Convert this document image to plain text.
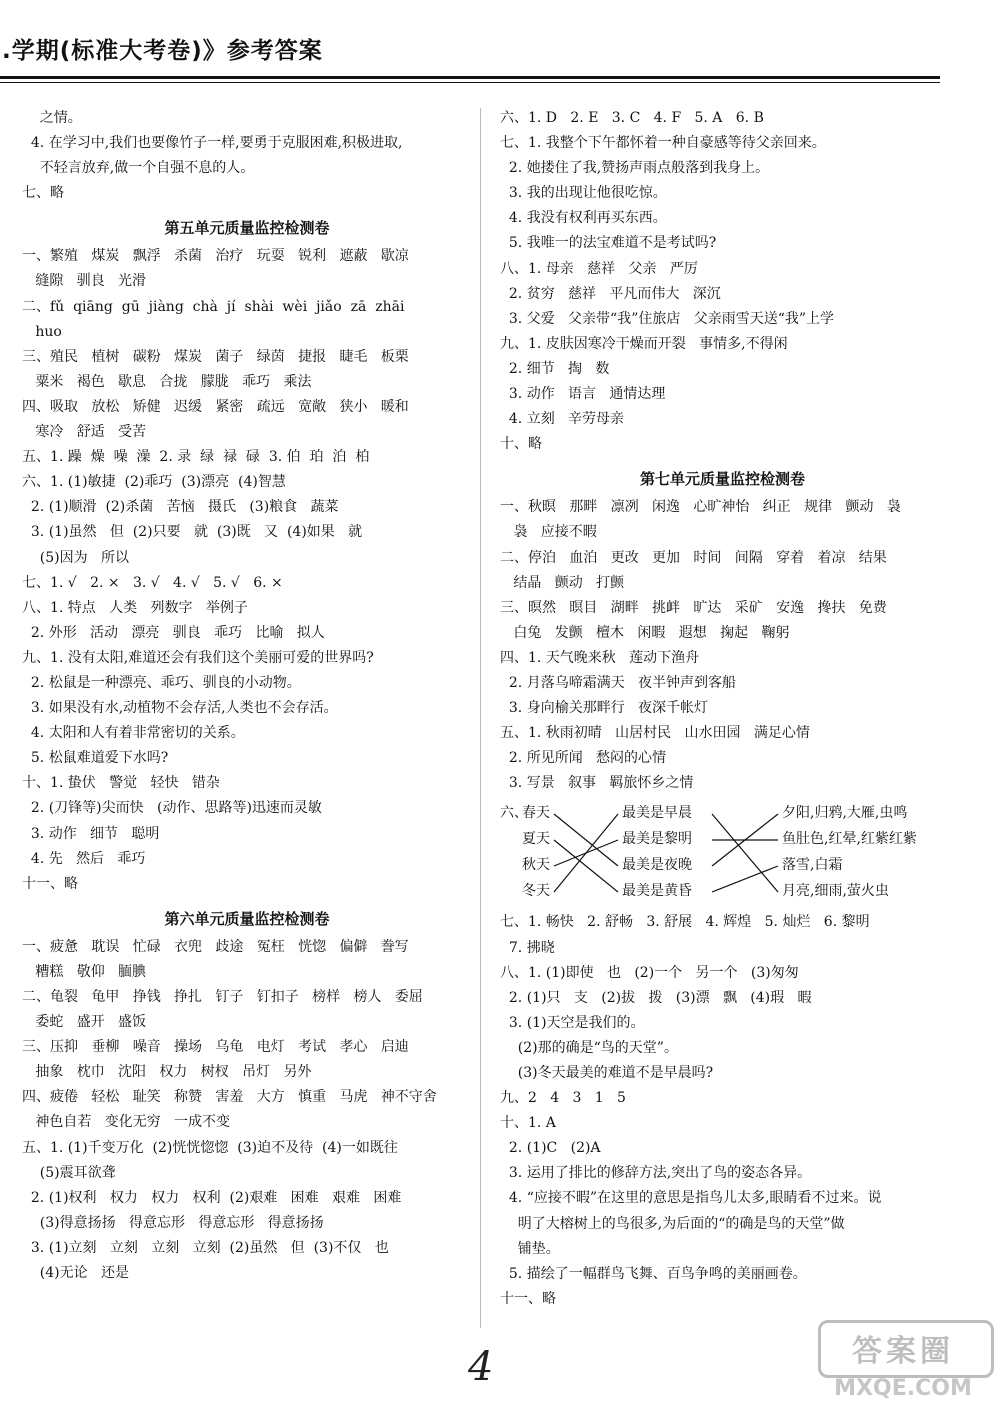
.学期(标准大考卷)》参考答案
之情。
4. 在学习中,我们也要像竹子一样,要勇于克服困难,积极进取,
不轻言放弃,做一个自强不息的人。
七、略
第五单元质量监控检测卷
一、繁殖   煤炭   飘浮   杀菌   治疗   玩耍   锐利   遮蔽   歇凉
缝隙   驯良   光滑
二、fǔ  qiāng  gū  jiàng  chà  jí  shài  wèi  jiǎo  zā  zhāi
huo
三、殖民   植树   碳粉   煤炭   菌子   绿茵   捷报   睫毛   板栗
粟米   褐色   歇息   合拢   朦胧   乖巧   乘法
四、吸取   放松   矫健   迟缓   紧密   疏远   宽敞   狭小   暖和
寒冷   舒适   受苦
五、1. 躁  燥  噪  澡  2. 录  绿  禄  碌  3. 伯  珀  泊  柏
六、1. (1)敏捷  (2)乖巧  (3)漂亮  (4)智慧
2. (1)顺滑  (2)杀菌   苦恼   摄氏   (3)粮食   蔬菜
3. (1)虽然   但  (2)只要   就  (3)既   又  (4)如果   就
(5)因为   所以
七、1. √   2. ×   3. √   4. √   5. √   6. ×
八、1. 特点   人类   列数字   举例子
2. 外形   活动   漂亮   驯良   乖巧   比喻   拟人
九、1. 没有太阳,难道还会有我们这个美丽可爱的世界吗?
2. 松鼠是一种漂亮、乖巧、驯良的小动物。
3. 如果没有水,动植物不会存活,人类也不会存活。
4. 太阳和人有着非常密切的关系。
5. 松鼠难道爱下水吗?
十、1. 蛰伏   警觉   轻快   错杂
2. (刀锋等)尖而快   (动作、思路等)迅速而灵敏
3. 动作   细节   聪明
4. 先   然后   乖巧
十一、略
第六单元质量监控检测卷
一、疲惫   耽误   忙碌   衣兜   歧途   冤枉   恍惚   偏僻   誊写
糟糕   敬仰   腼腆
二、龟裂   龟甲   挣钱   挣扎   钉子   钉扣子   榜样   榜人   委屈
委蛇   盛开   盛饭
三、压抑   垂柳   噪音   操场   乌龟   电灯   考试   孝心   启迪
抽象   枕巾   沈阳   权力   树杈   吊灯   另外
四、疲倦   轻松   耻笑   称赞   害羞   大方   慎重   马虎   神不守舍
神色自若   变化无穷   一成不变
五、1. (1)千变万化  (2)恍恍惚惚  (3)迫不及待  (4)一如既往
(5)震耳欲聋
2. (1)权利   权力   权力   权利  (2)艰难   困难   艰难   困难
(3)得意扬扬   得意忘形   得意忘形   得意扬扬
3. (1)立刻   立刻   立刻   立刻  (2)虽然   但  (3)不仅   也
(4)无论   还是
六、1. D   2. E   3. C   4. F   5. A   6. B
七、1. 我整个下午都怀着一种自豪感等待父亲回来。
2. 她搂住了我,赞扬声雨点般落到我身上。
3. 我的出现让他很吃惊。
4. 我没有权利再买东西。
5. 我唯一的法宝难道不是考试吗?
八、1. 母亲   慈祥   父亲   严厉
2. 贫穷   慈祥   平凡而伟大   深沉
3. 父爱   父亲带“我”住旅店   父亲雨雪天送“我”上学
九、1. 皮肤因寒冷干燥而开裂   事情多,不得闲
2. 细节   掏   数
3. 动作   语言   通情达理
4. 立刻   辛劳母亲
十、略
第七单元质量监控检测卷
一、秋暝   那畔   凛冽   闲逸   心旷神怡   纠正   规律   颤动   袅
袅   应接不暇
二、停泊   血泊   更改   更加   时间   间隔   穿着   着凉   结果
结晶   颤动   打颤
三、暝然   暝目   湖畔   挑衅   旷达   采矿   安逸   搀扶   免费
白兔   发颤   檀木   闲暇   遐想   掬起   鞠躬
四、1. 天气晚来秋   莲动下渔舟
2. 月落乌啼霜满天   夜半钟声到客船
3. 身向榆关那畔行   夜深千帐灯
五、1. 秋雨初晴   山居村民   山水田园   满足心情
2. 所见所闻   愁闷的心情
3. 写景   叙事   羁旅怀乡之情
六、
春天
夏天
秋天
冬天
最美是早晨
最美是黎明
最美是夜晚
最美是黄昏
夕阳,归鸦,大雁,虫鸣
鱼肚色,红晕,红紫红紫
落雪,白霜
月亮,细雨,萤火虫
七、1. 畅快   2. 舒畅   3. 舒展   4. 辉煌   5. 灿烂   6. 黎明
7. 拂晓
八、1. (1)即使   也   (2)一个   另一个   (3)匆匆
2. (1)只   支   (2)拔   拨   (3)漂   飘   (4)瑕   暇
3. (1)天空是我们的。
(2)那的确是“鸟的天堂”。
(3)冬天最美的难道不是早晨吗?
九、2   4   3   1   5
十、1. A
2. (1)C   (2)A
3. 运用了排比的修辞方法,突出了鸟的姿态各异。
4. “应接不暇”在这里的意思是指鸟儿太多,眼睛看不过来。说
明了大榕树上的鸟很多,为后面的“的确是鸟的天堂”做
铺垫。
5. 描绘了一幅群鸟飞舞、百鸟争鸣的美丽画卷。
十一、略
4	答案圈
MXQE.COM
